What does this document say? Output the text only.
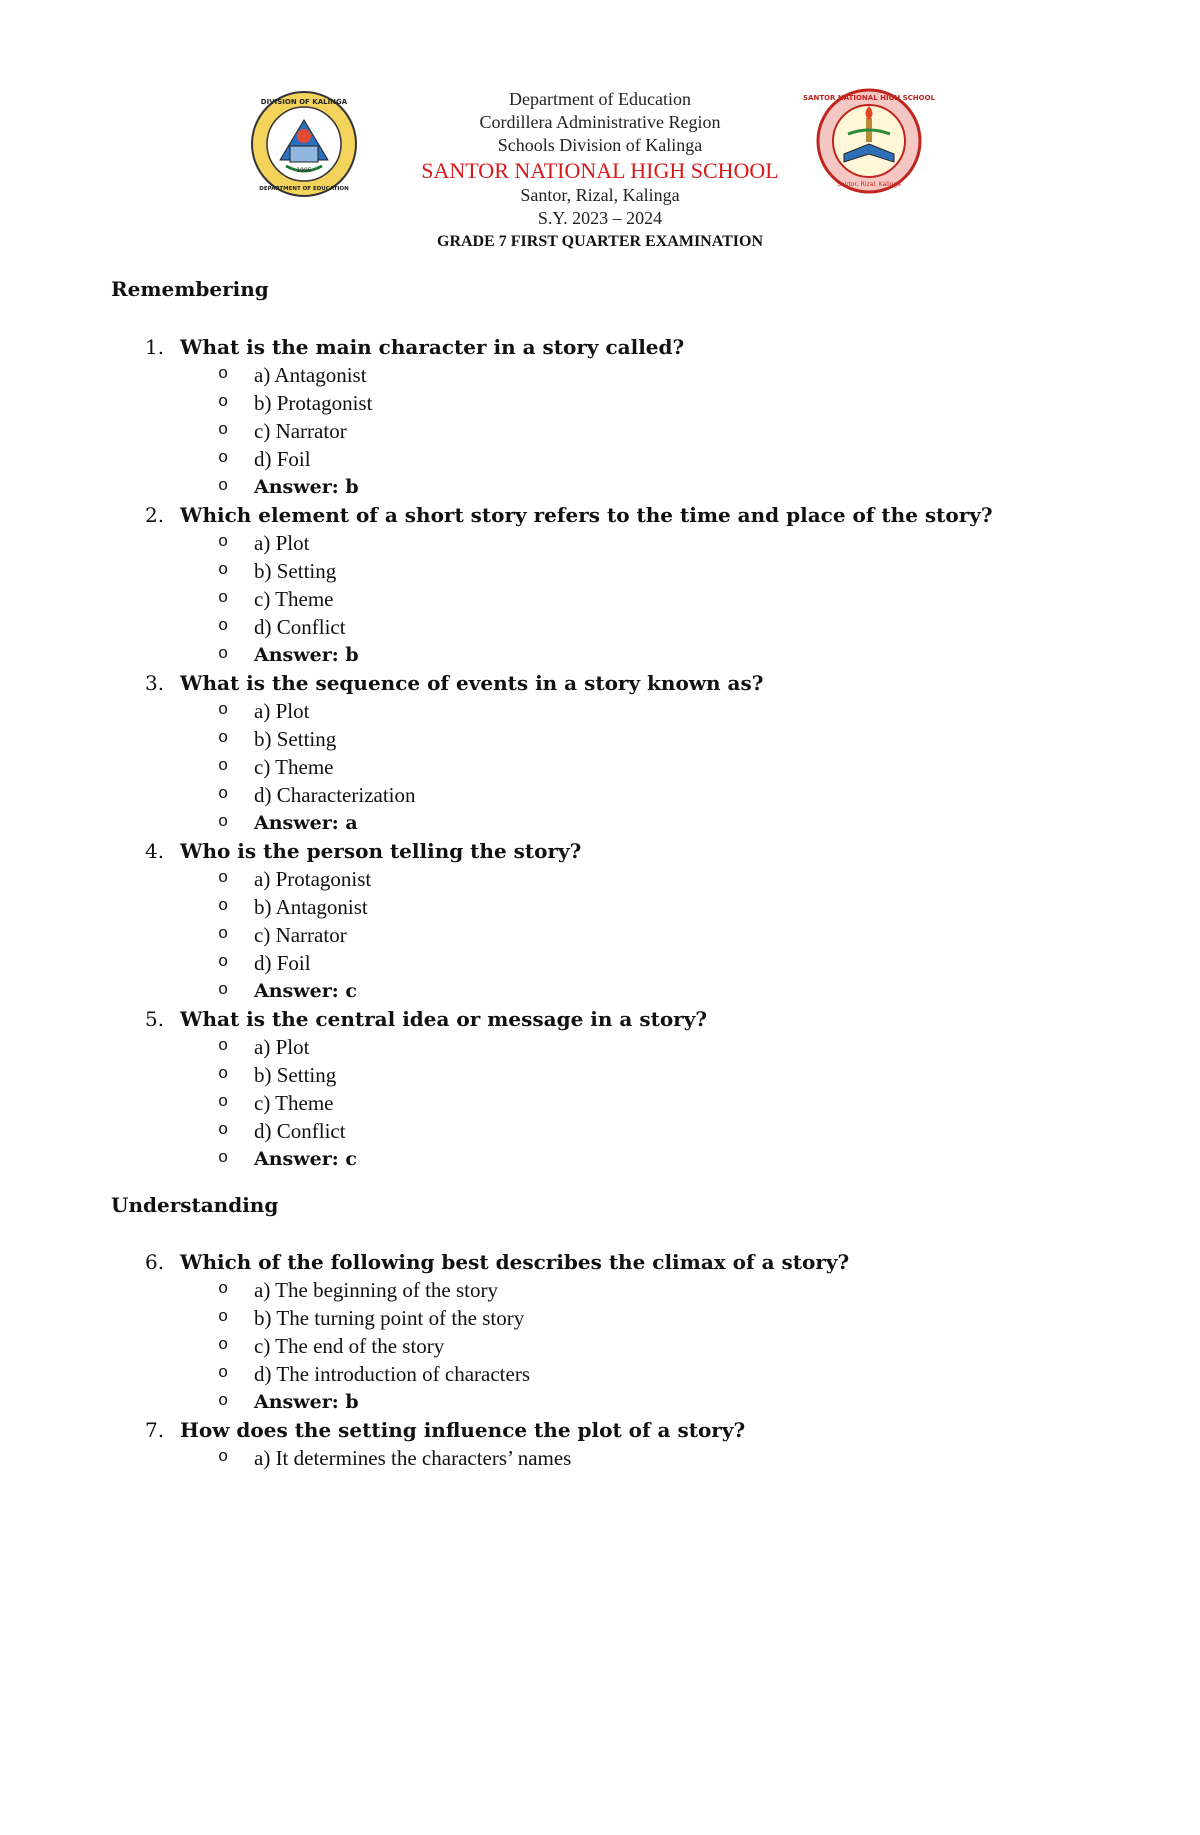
1995
DIVISION OF KALINGA
DEPARTMENT OF EDUCATION
SANTOR NATIONAL HIGH SCHOOL
Santor, Rizal, Kalinga
Department of Education
Cordillera Administrative Region
Schools Division of Kalinga
SANTOR NATIONAL HIGH SCHOOL
Santor, Rizal, Kalinga
S.Y. 2023 – 2024
GRADE 7 FIRST QUARTER EXAMINATION
Remembering
1. What is the main character in a story called?
o	a) Antagonist
o	b) Protagonist
o	c) Narrator
o	d) Foil
o	Answer: b
2. Which element of a short story refers to the time and place of the story?
o	a) Plot
o	b) Setting
o	c) Theme
o	d) Conflict
o	Answer: b
3. What is the sequence of events in a story known as?
o	a) Plot
o	b) Setting
o	c) Theme
o	d) Characterization
o	Answer: a
4. Who is the person telling the story?
o	a) Protagonist
o	b) Antagonist
o	c) Narrator
o	d) Foil
o	Answer: c
5. What is the central idea or message in a story?
o	a) Plot
o	b) Setting
o	c) Theme
o	d) Conflict
o	Answer: c
Understanding
6. Which of the following best describes the climax of a story?
o	a) The beginning of the story
o	b) The turning point of the story
o	c) The end of the story
o	d) The introduction of characters
o	Answer: b
7. How does the setting influence the plot of a story?
o	a) It determines the characters’ names
